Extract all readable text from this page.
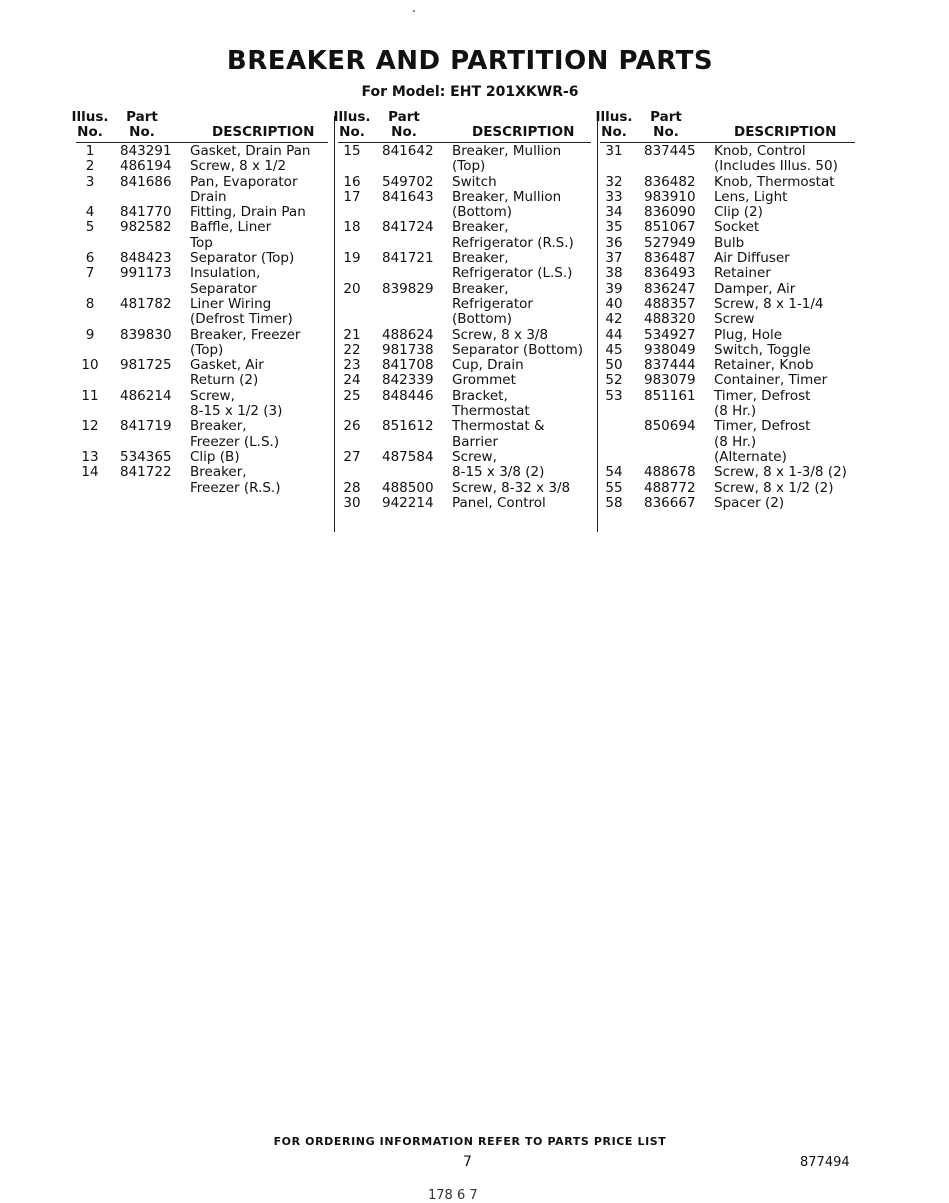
BREAKER AND PARTITION PARTS
For Model: EHT 201XKWR-6
Illus.
No.
Part
No.	DESCRIPTION
1	843291 Gasket, Drain Pan
2	486194 Screw, 8 x 1/2
3	841686 Pan, Evaporator
Drain
4	841770 Fitting, Drain Pan
5	982582 Baffle, Liner
Top
6	848423 Separator (Top)
7	991173 Insulation,
Separator
8	481782 Liner Wiring
(Defrost Timer)
9	839830 Breaker, Freezer
(Top)
10	981725 Gasket, Air
Return (2)
11	486214 Screw,
8-15 x 1/2 (3)
12	841719 Breaker,
Freezer (L.S.)
13	534365 Clip (B)
14	841722 Breaker,
Freezer (R.S.)
Illus.
No.
Part
No.	DESCRIPTION
15	841642 Breaker, Mullion
(Top)
16	549702 Switch
17	841643 Breaker, Mullion
(Bottom)
18	841724 Breaker,
Refrigerator (R.S.)
19	841721 Breaker,
Refrigerator (L.S.)
20	839829 Breaker,
Refrigerator
(Bottom)
21	488624 Screw, 8 x 3/8
22	981738 Separator (Bottom)
23	841708 Cup, Drain
24	842339 Grommet
25	848446 Bracket,
Thermostat
26	851612 Thermostat &
Barrier
27	487584 Screw,
8-15 x 3/8 (2)
28	488500 Screw, 8-32 x 3/8
30	942214 Panel, Control
Illus.
No.
Part
No.	DESCRIPTION
31	837445 Knob, Control
(Includes Illus. 50)
32	836482 Knob, Thermostat
33	983910 Lens, Light
34	836090 Clip (2)
35	851067 Socket
36	527949 Bulb
37	836487 Air Diffuser
38	836493 Retainer
39	836247 Damper, Air
40	488357 Screw, 8 x 1-1/4
42	488320 Screw
44	534927 Plug, Hole
45	938049 Switch, Toggle
50	837444 Retainer, Knob
52	983079 Container, Timer
53	851161 Timer, Defrost
(8 Hr.)
850694 Timer, Defrost
(8 Hr.)
(Alternate)
54	488678 Screw, 8 x 1-3/8 (2)
55	488772 Screw, 8 x 1/2 (2)
58	836667 Spacer (2)
FOR ORDERING INFORMATION REFER TO PARTS PRICE LIST
7	877494
178 6 7
